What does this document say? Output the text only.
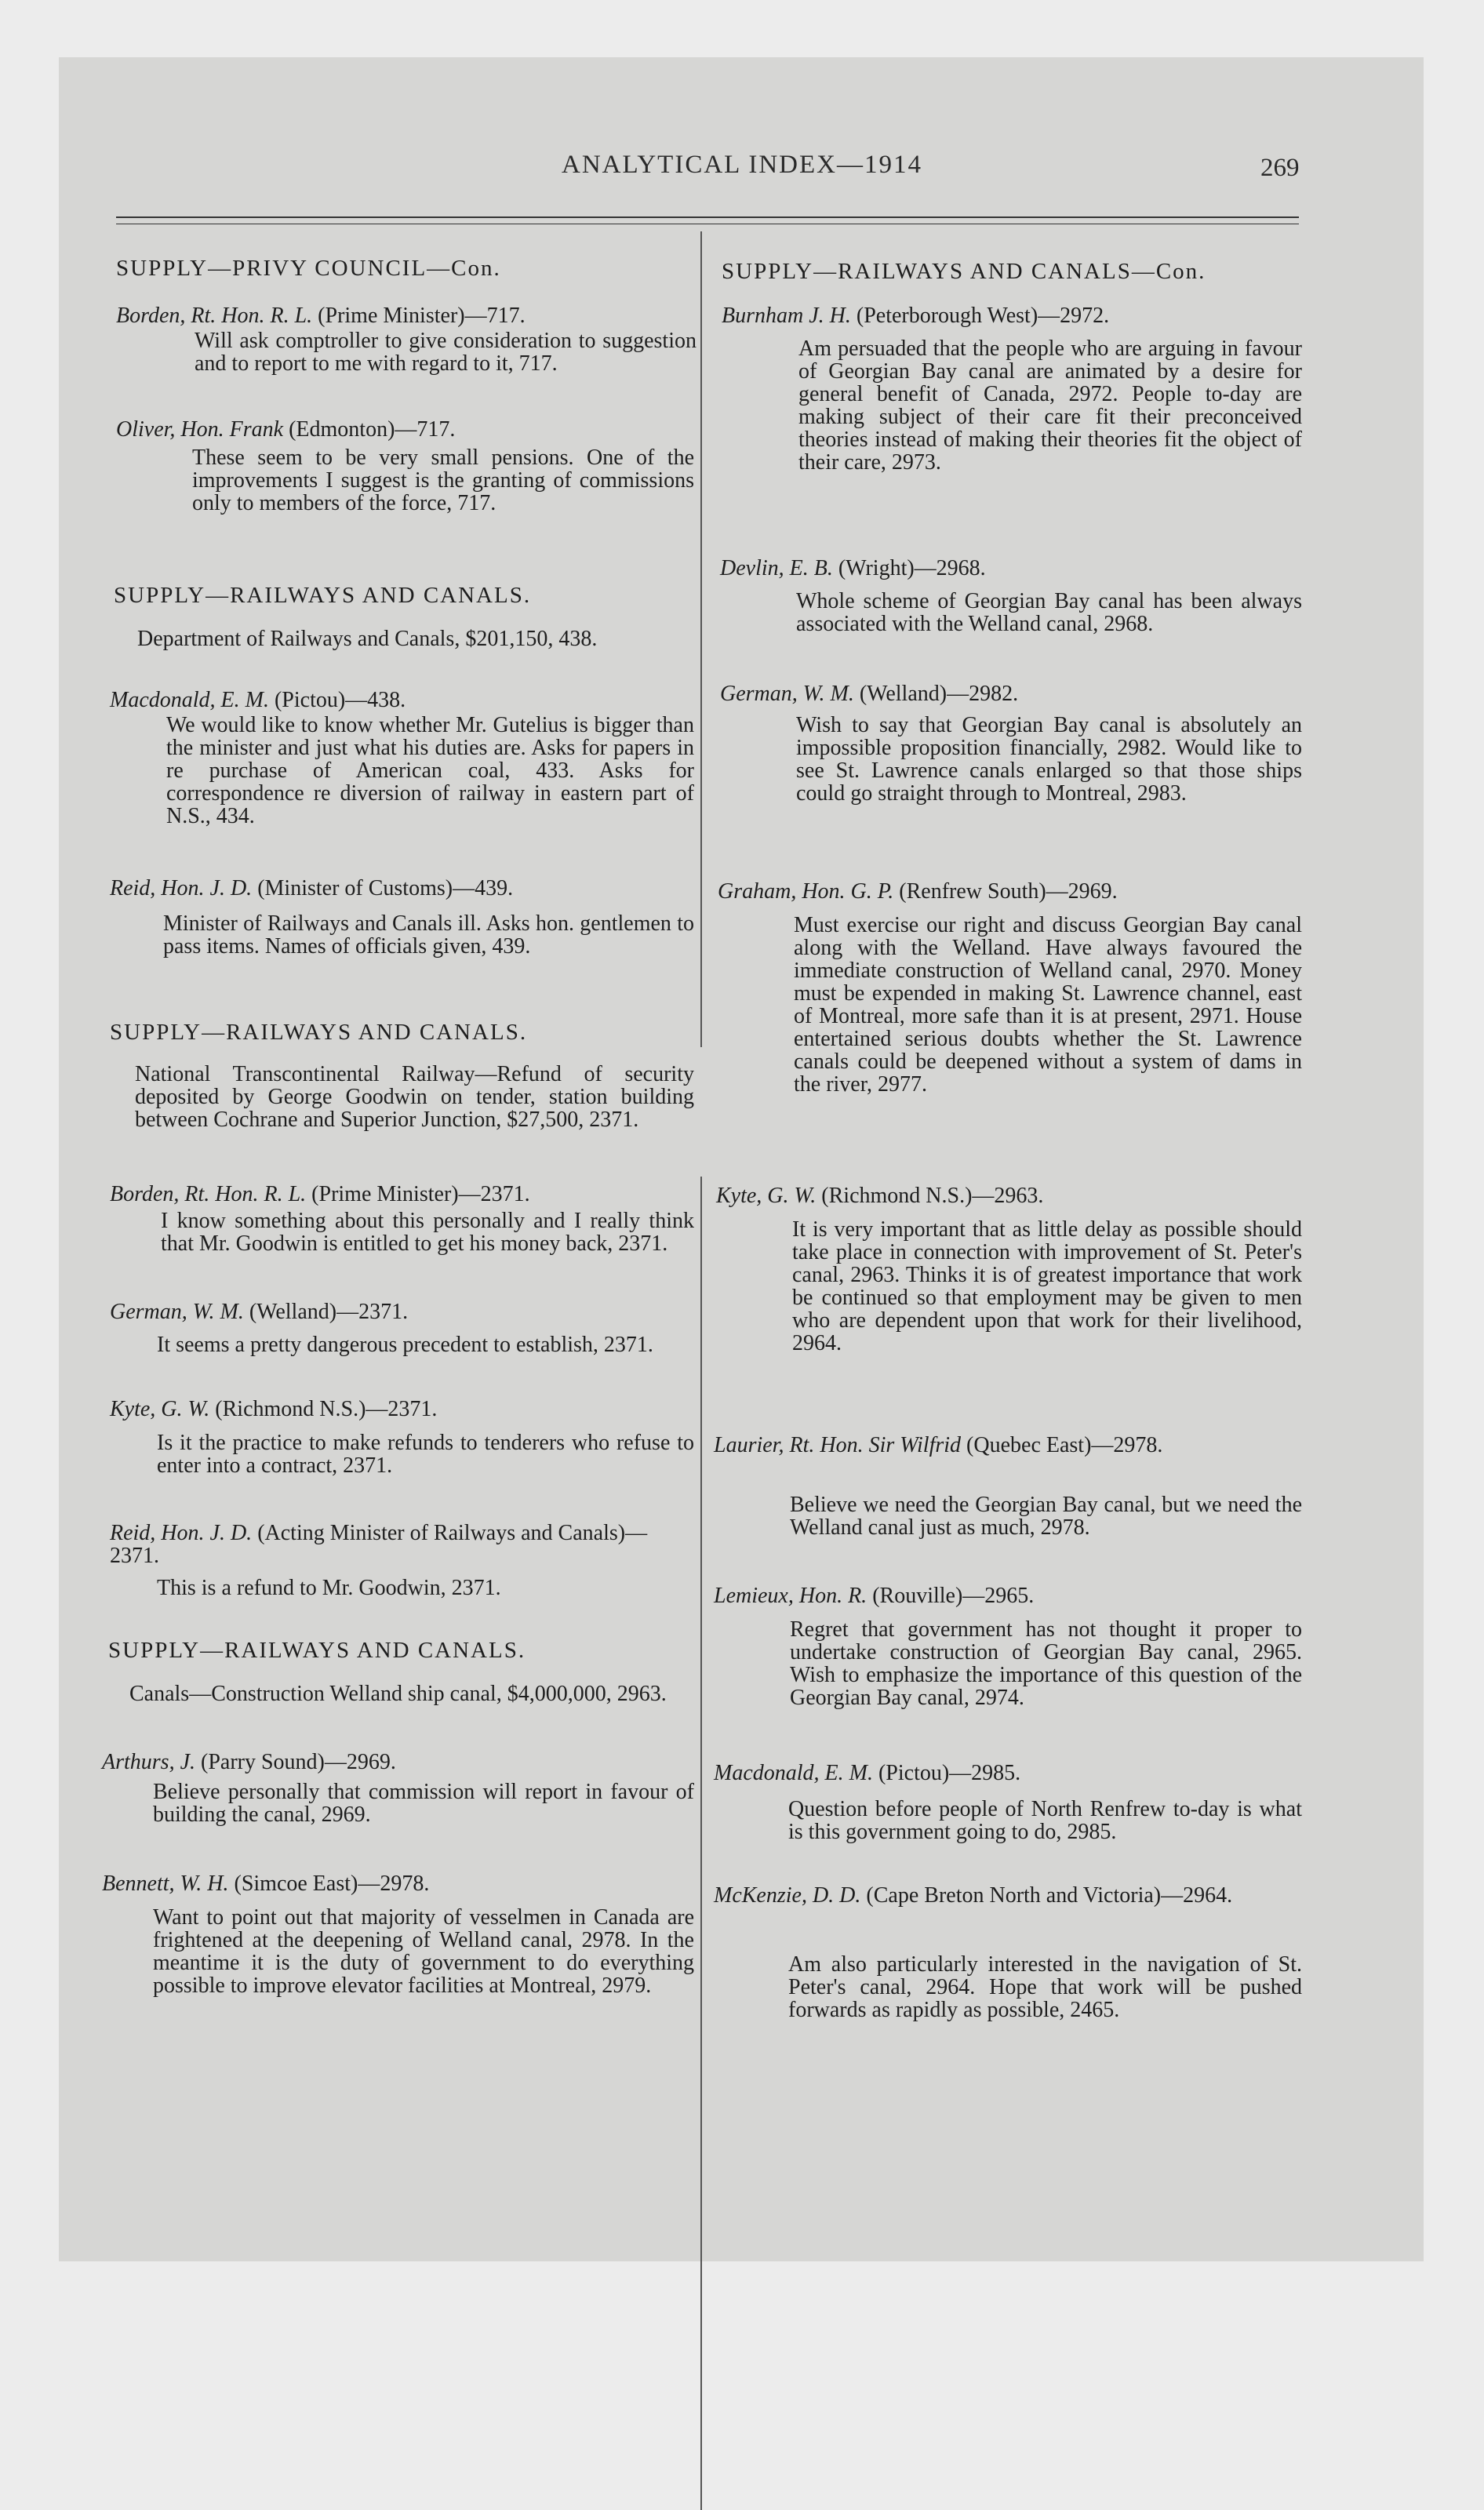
ANALYTICAL INDEX—1914	269
SUPPLY—PRIVY COUNCIL—Con.
Borden, Rt. Hon. R. L. (Prime Minister)—717.
Will ask comptroller to give consideration to suggestion and to report to me with regard to it, 717.
Oliver, Hon. Frank (Edmonton)—717.
These seem to be very small pensions. One of the improvements I suggest is the granting of commissions only to members of the force, 717.
SUPPLY—RAILWAYS AND CANALS.
Department of Railways and Canals, $201,150, 438.
Macdonald, E. M. (Pictou)—438.
We would like to know whether Mr. Gutelius is bigger than the minister and just what his duties are. Asks for papers in re purchase of American coal, 433. Asks for correspondence re diversion of railway in eastern part of N.S., 434.
Reid, Hon. J. D. (Minister of Customs)—439.
Minister of Railways and Canals ill. Asks hon. gentlemen to pass items. Names of officials given, 439.
SUPPLY—RAILWAYS AND CANALS.
National Transcontinental Railway—Refund of security deposited by George Goodwin on tender, station building between Cochrane and Superior Junction, $27,500, 2371.
Borden, Rt. Hon. R. L. (Prime Minister)—2371.
I know something about this personally and I really think that Mr. Goodwin is entitled to get his money back, 2371.
German, W. M. (Welland)—2371.
It seems a pretty dangerous precedent to establish, 2371.
Kyte, G. W. (Richmond N.S.)—2371.
Is it the practice to make refunds to tenderers who refuse to enter into a contract, 2371.
Reid, Hon. J. D. (Acting Minister of Railways and Canals)—2371.
This is a refund to Mr. Goodwin, 2371.
SUPPLY—RAILWAYS AND CANALS.
Canals—Construction Welland ship canal, $4,000,000, 2963.
Arthurs, J. (Parry Sound)—2969.
Believe personally that commission will report in favour of building the canal, 2969.
Bennett, W. H. (Simcoe East)—2978.
Want to point out that majority of vesselmen in Canada are frightened at the deepening of Welland canal, 2978. In the meantime it is the duty of government to do everything possible to improve elevator facilities at Montreal, 2979.
SUPPLY—RAILWAYS AND CANALS—Con.
Burnham J. H. (Peterborough West)—2972.
Am persuaded that the people who are arguing in favour of Georgian Bay canal are animated by a desire for general benefit of Canada, 2972. People to-day are making subject of their care fit their preconceived theories instead of making their theories fit the object of their care, 2973.
Devlin, E. B. (Wright)—2968.
Whole scheme of Georgian Bay canal has been always associated with the Welland canal, 2968.
German, W. M. (Welland)—2982.
Wish to say that Georgian Bay canal is absolutely an impossible proposition financially, 2982. Would like to see St. Lawrence canals enlarged so that those ships could go straight through to Montreal, 2983.
Graham, Hon. G. P. (Renfrew South)—2969.
Must exercise our right and discuss Georgian Bay canal along with the Welland. Have always favoured the immediate construction of Welland canal, 2970. Money must be expended in making St. Lawrence channel, east of Montreal, more safe than it is at present, 2971. House entertained serious doubts whether the St. Lawrence canals could be deepened without a system of dams in the river, 2977.
Kyte, G. W. (Richmond N.S.)—2963.
It is very important that as little delay as possible should take place in connection with improvement of St. Peter's canal, 2963. Thinks it is of greatest importance that work be continued so that employment may be given to men who are dependent upon that work for their livelihood, 2964.
Laurier, Rt. Hon. Sir Wilfrid (Quebec East)—2978.
Believe we need the Georgian Bay canal, but we need the Welland canal just as much, 2978.
Lemieux, Hon. R. (Rouville)—2965.
Regret that government has not thought it proper to undertake construction of Georgian Bay canal, 2965. Wish to emphasize the importance of this question of the Georgian Bay canal, 2974.
Macdonald, E. M. (Pictou)—2985.
Question before people of North Renfrew to-day is what is this government going to do, 2985.
McKenzie, D. D. (Cape Breton North and Victoria)—2964.
Am also particularly interested in the navigation of St. Peter's canal, 2964. Hope that work will be pushed forwards as rapidly as possible, 2465.
